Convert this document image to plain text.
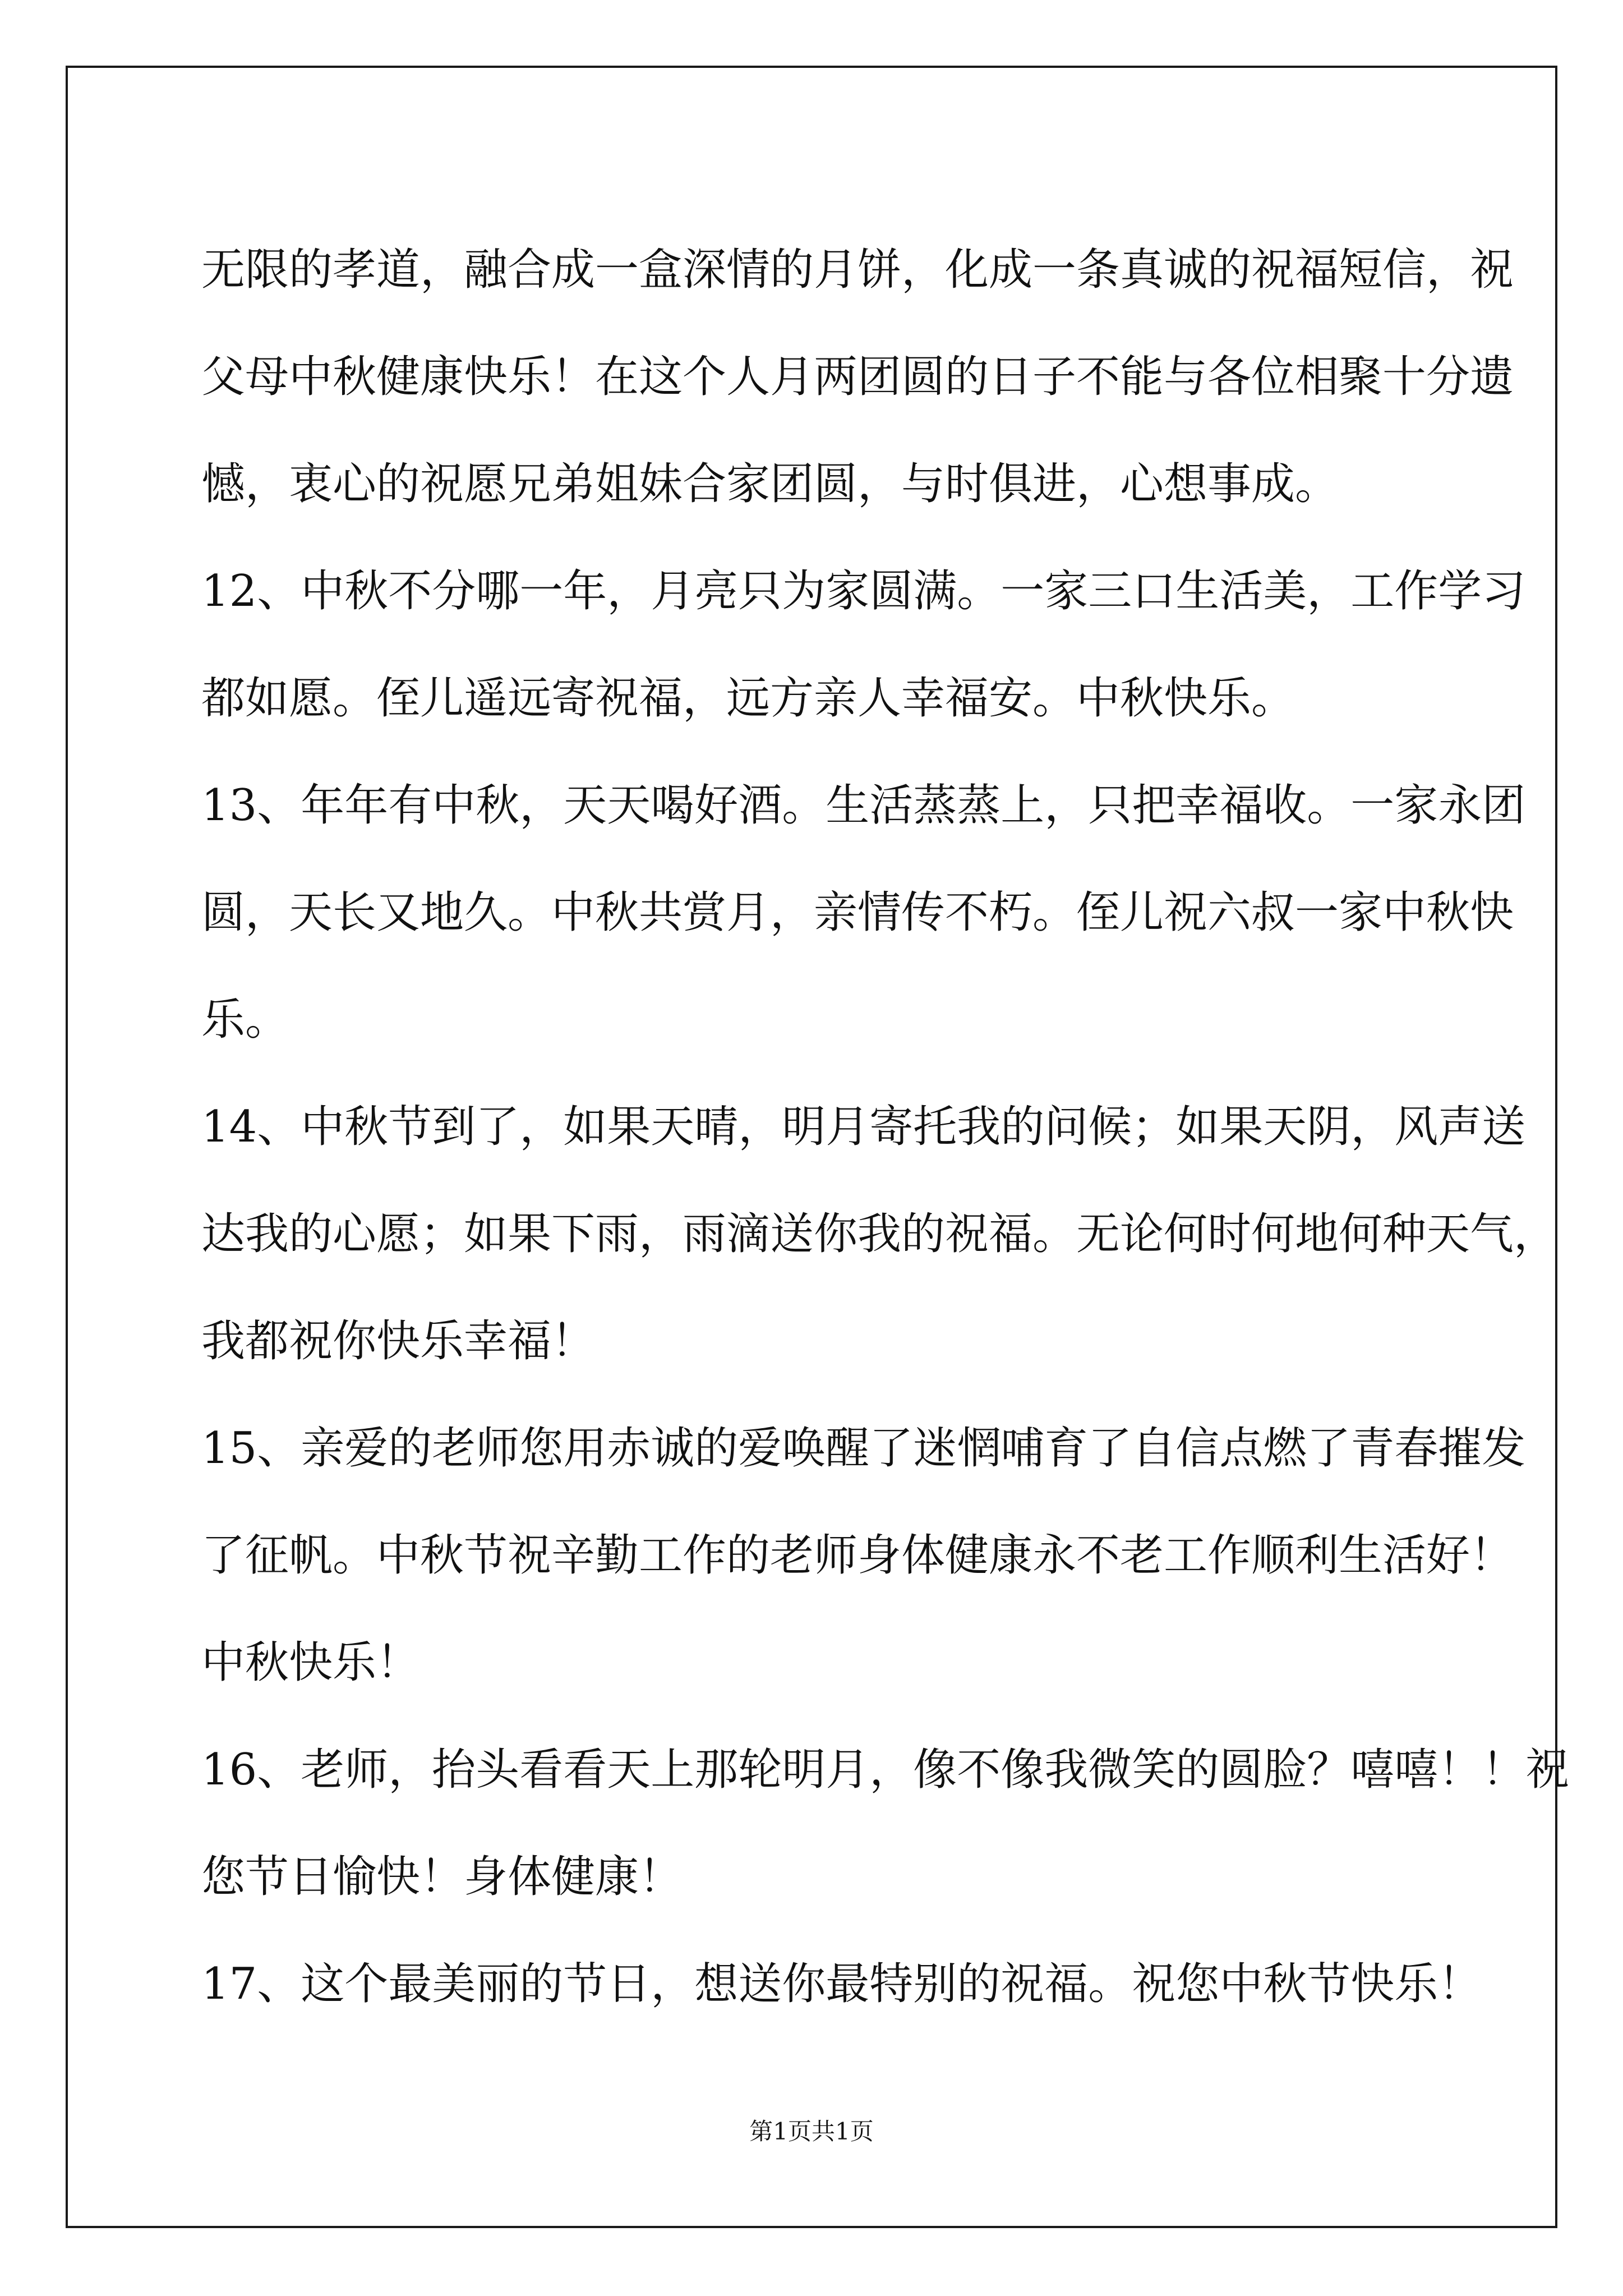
无限的孝道，融合成一盒深情的月饼，化成一条真诚的祝福短信，祝
父母中秋健康快乐！在这个人月两团圆的日子不能与各位相聚十分遗
憾，衷心的祝愿兄弟姐妹合家团圆，与时俱进，心想事成。
12、中秋不分哪一年，月亮只为家圆满。一家三口生活美，工作学习
都如愿。侄儿遥远寄祝福，远方亲人幸福安。中秋快乐。
13、年年有中秋，天天喝好酒。生活蒸蒸上，只把幸福收。一家永团
圆，天长又地久。中秋共赏月，亲情传不朽。侄儿祝六叔一家中秋快
乐。
14、中秋节到了，如果天晴，明月寄托我的问候；如果天阴，风声送
达我的心愿；如果下雨，雨滴送你我的祝福。无论何时何地何种天气，
我都祝你快乐幸福！
15、亲爱的老师您用赤诚的爱唤醒了迷惘哺育了自信点燃了青春摧发
了征帆。中秋节祝辛勤工作的老师身体健康永不老工作顺利生活好！
中秋快乐！
16、老师，抬头看看天上那轮明月，像不像我微笑的圆脸？嘻嘻！！祝
您节日愉快！身体健康！
17、这个最美丽的节日，想送你最特别的祝福。祝您中秋节快乐！
第1页共1页
